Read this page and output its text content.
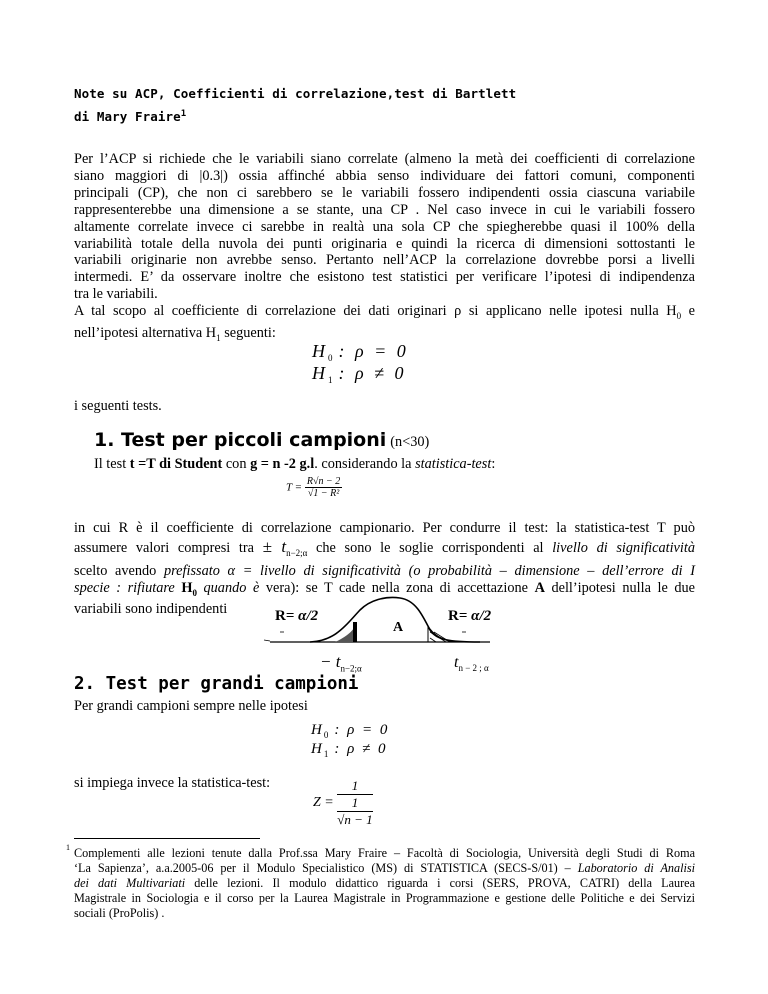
Note su ACP, Coefficienti di correlazione,test di Bartlett
di Mary Fraire$^1$
Per l’ACP si richiede che le variabili siano correlate (almeno la metà dei coefficienti di correlazione
siano maggiori di |0.3|) ossia affinché abbia senso individuare dei fattori comuni, componenti
principali (CP), che non ci sarebbero se le variabili fossero indipendenti ossia ciascuna variabile
rappresenterebbe una dimensione a se stante, una CP . Nel caso invece in cui le variabili fossero
altamente correlate invece ci sarebbe in realtà una sola CP che spiegherebbe quasi il 100% della
variabilità totale della nuvola dei punti originaria e quindi la ricerca di dimensioni sottostanti le
variabili originarie non avrebbe senso. Pertanto nell’ACP la correlazione dovrebbe porsi a livelli
intermedi. E’ da osservare inoltre che esistono test statistici per verificare l’ipotesi di indipendenza
tra le variabili.
A tal scopo al coefficiente di correlazione dei dati originari ρ si applicano nelle ipotesi nulla $H_0$ e
nell’ipotesi alternativa $H_1$ seguenti:
$H_0$ : ρ = 0
$H_1$ : ρ ≠ 0
i seguenti tests.
1. Test per piccoli campioni (n<30)
Il test t =T di Student con g = n -2 g.l. considerando la statistica-test:
$T = \frac{R√n - 2}{\text{√1 − R²}}$
in cui R è il coefficiente di correlazione campionario. Per condurre il test: la statistica-test T può
assumere valori compresi tra ± $t_{n-2;\alpha}$ che sono le soglie corrispondenti al livello di significatività
scelto avendo prefissato α = livello di significatività (o probabilità – dimensione – dell’errore di I
specie : rifiutare $H_0$ quando è vera): se T cade nella zona di accettazione A dell’ipotesi nulla le due
variabili sono indipendenti	R= α/2	R= α/2
A
− $t_{n-2;\alpha}$	$t_{n - 2 ; \alpha}$
2. Test per grandi campioni
Per grandi campioni sempre nelle ipotesi
$H_0$ : ρ = 0
$H_1$ : ρ ≠ 0
si impiega invece la statistica-test:
$Z = \frac{1}{\frac{1}{√n - 1}}$
1 Complementi alle lezioni tenute dalla Prof.ssa Mary Fraire – Facoltà di Sociologia, Università degli Studi di Roma
‘La Sapienza’, a.a.2005-06 per il Modulo Specialistico (MS) di STATISTICA (SECS-S/01) – Laboratorio di Analisi
dei dati Multivariati delle lezioni. Il modulo didattico riguarda i corsi (SERS, PROVA, CATRI) della Laurea
Magistrale in Sociologia e il corso per la Laurea Magistrale in Programmazione e gestione delle Politiche e dei Servizi
sociali (ProPolis) .
